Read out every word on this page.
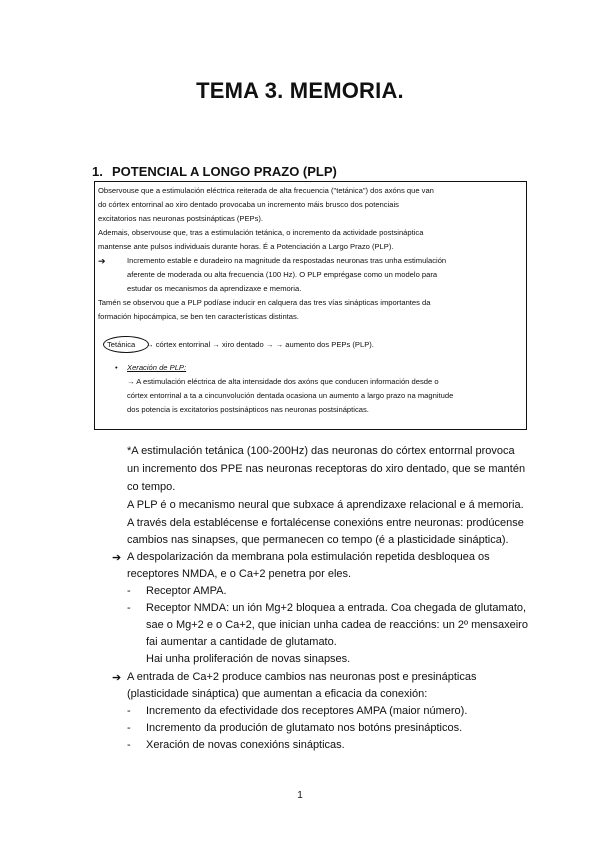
TEMA 3. MEMORIA.
1. POTENCIAL A LONGO PRAZO (PLP)
Observouse que a estimulación eléctrica reiterada de alta frecuencia ("tetánica") dos axóns que van
do córtex entorrinal ao xiro dentado provocaba un incremento máis brusco dos potenciais
excitatorios nas neuronas postsinápticas (PEPs).
Ademais, observouse que, tras a estimulación tetánica, o incremento da actividade postsináptica
mantense ante pulsos individuais durante horas. É a Potenciación a Largo Prazo (PLP).
➔	Incremento estable e duradeiro na magnitude da respostadas neuronas tras unha estimulación
aferente de moderada ou alta frecuencia (100 Hz). O PLP emprégase como un modelo para
estudar os mecanismos da aprendizaxe e memoria.
Tamén se observou que a PLP podíase inducir en calquera das tres vías sinápticas importantes da
formación hipocámpica, se ben ten características distintas.
Tetánica → córtex entorrinal → xiro dentado → → aumento dos PEPs (PLP).
• Xeración de PLP:
→ A estimulación eléctrica de alta intensidade dos axóns que conducen información desde o
córtex entorrinal a ta a cincunvolución dentada ocasiona un aumento a largo prazo na magnitude
dos potencia is excitatorios postsinápticos nas neuronas postsinápticas.
*A estimulación tetánica (100-200Hz) das neuronas do córtex entorrnal provoca
un incremento dos PPE nas neuronas receptoras do xiro dentado, que se mantén
co tempo.
A PLP é o mecanismo neural que subxace á aprendizaxe relacional e á memoria.
A través dela establécense e fortalécense conexións entre neuronas: prodúcense
cambios nas sinapses, que permanecen co tempo (é a plasticidade sináptica).
➔ A despolarización da membrana pola estimulación repetida desbloquea os
receptores NMDA, e o Ca+2 penetra por eles.
- Receptor AMPA.
- Receptor NMDA: un ión Mg+2 bloquea a entrada. Coa chegada de glutamato,
sae o Mg+2 e o Ca+2, que inician unha cadea de reaccións: un 2º mensaxeiro
fai aumentar a cantidade de glutamato.
Hai unha proliferación de novas sinapses.
➔ A entrada de Ca+2 produce cambios nas neuronas post e presinápticas
(plasticidade sináptica) que aumentan a eficacia da conexión:
- Incremento da efectividade dos receptores AMPA (maior número).
- Incremento da produción de glutamato nos botóns presinápticos.
- Xeración de novas conexións sinápticas.
1
